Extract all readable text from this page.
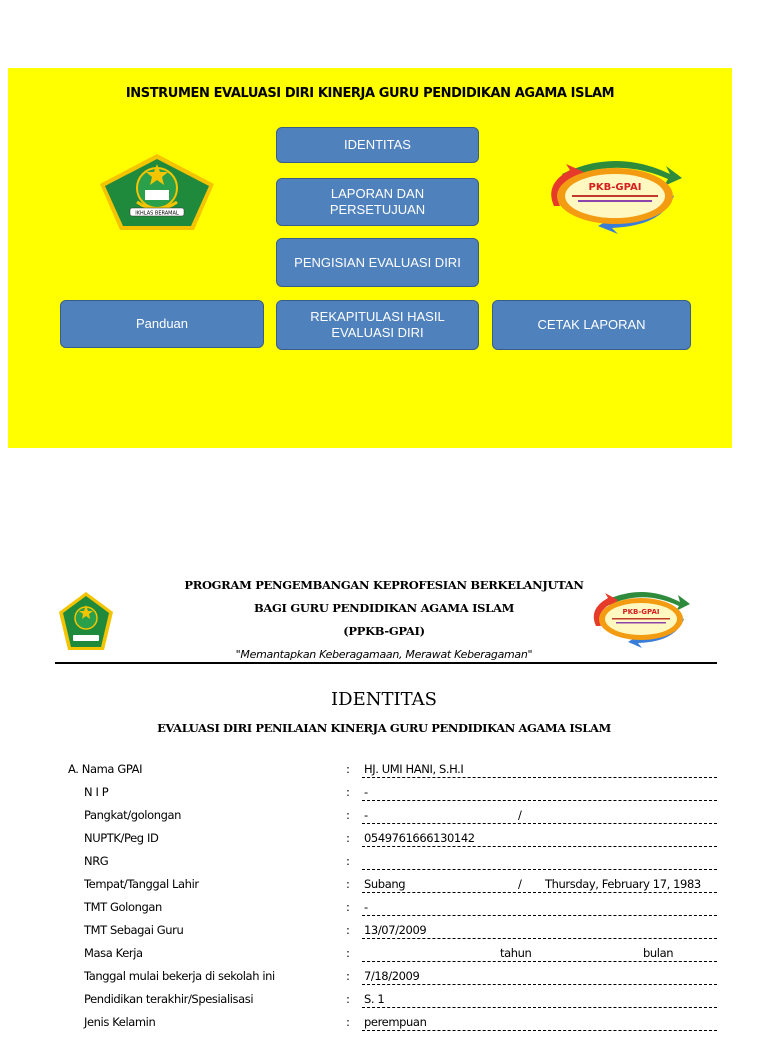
INSTRUMEN EVALUASI DIRI KINERJA GURU PENDIDIKAN AGAMA ISLAM
IKHLAS BERAMAL
PKB-GPAI
IDENTITAS
LAPORAN DAN
PERSETUJUAN
PENGISIAN EVALUASI DIRI
Panduan	REKAPITULASI HASIL
EVALUASI DIRI
CETAK LAPORAN
PKB-GPAI
PROGRAM PENGEMBANGAN KEPROFESIAN BERKELANJUTAN
BAGI GURU PENDIDIKAN AGAMA ISLAM
(PPKB-GPAI)
"Memantapkan Keberagamaan, Merawat Keberagaman"
IDENTITAS
EVALUASI DIRI PENILAIAN KINERJA GURU PENDIDIKAN AGAMA ISLAM
A. Nama GPAI	: HJ. UMI HANI, S.H.I
N I P	: -
Pangkat/golongan	: -	/
NUPTK/Peg ID	: 0549761666130142
NRG	:
Tempat/Tanggal Lahir	: Subang	/ Thursday, February 17, 1983
TMT Golongan	: -
TMT Sebagai Guru	: 13/07/2009
Masa Kerja	:	tahun	bulan
Tanggal mulai bekerja di sekolah ini	: 7/18/2009
Pendidikan terakhir/Spesialisasi	: S. 1
Jenis Kelamin	: perempuan
